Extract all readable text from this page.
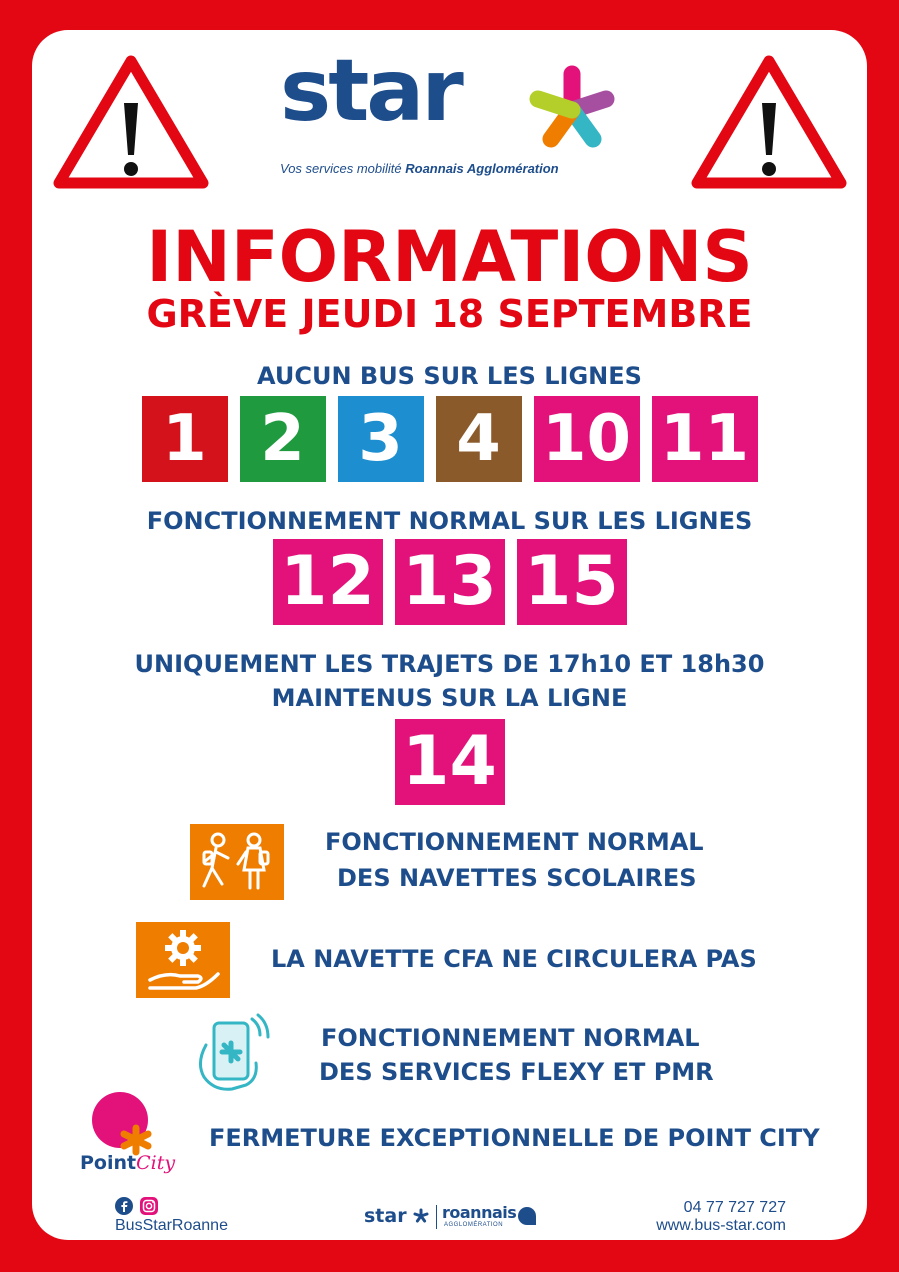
star
Vos services mobilité Roannais Agglomération
INFORMATIONS
GRÈVE JEUDI 18 SEPTEMBRE
AUCUN BUS SUR LES LIGNES
1 2 3 4 10 11
FONCTIONNEMENT NORMAL SUR LES LIGNES
12 13 15
UNIQUEMENT LES TRAJETS DE 17h10 ET 18h30
MAINTENUS SUR LA LIGNE
14
FONCTIONNEMENT NORMAL
DES NAVETTES SCOLAIRES
LA NAVETTE CFA NE CIRCULERA PAS
FONCTIONNEMENT NORMAL
DES SERVICES FLEXY ET PMR
PointCity
FERMETURE EXCEPTIONNELLE DE POINT CITY

BusStarRoanne	star roannais
AGGLOMÉRATION
04 77 727 727
www.bus-star.com
